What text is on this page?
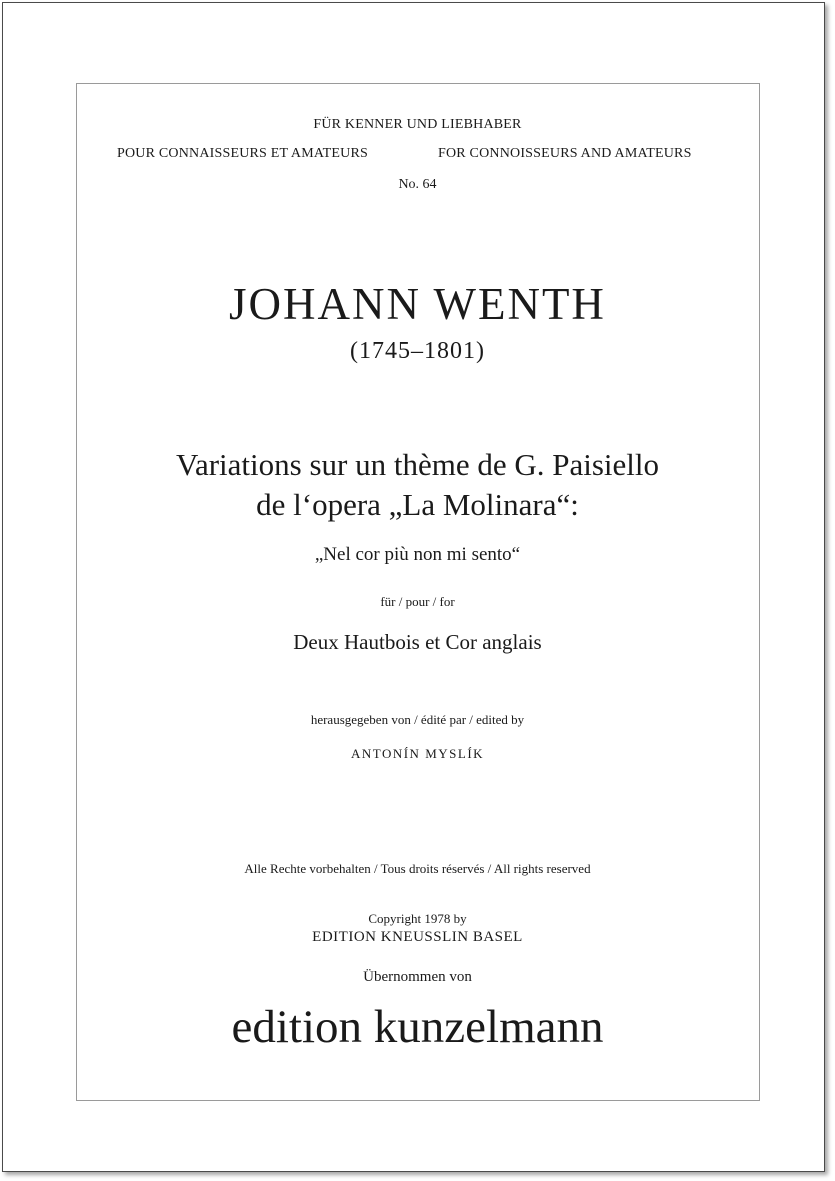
FÜR KENNER UND LIEBHABER
POUR CONNAISSEURS ET AMATEURS	FOR CONNOISSEURS AND AMATEURS
No. 64
JOHANN WENTH
(1745–1801)
Variations sur un thème de G. Paisiello
de l‘opera „La Molinara“:
„Nel cor più non mi sento“
für / pour / for
Deux Hautbois et Cor anglais
herausgegeben von / édité par / edited by
ANTONÍN MYSLÍK
Alle Rechte vorbehalten / Tous droits réservés / All rights reserved
Copyright 1978 by
EDITION KNEUSSLIN BASEL
Übernommen von
edition kunzelmann
